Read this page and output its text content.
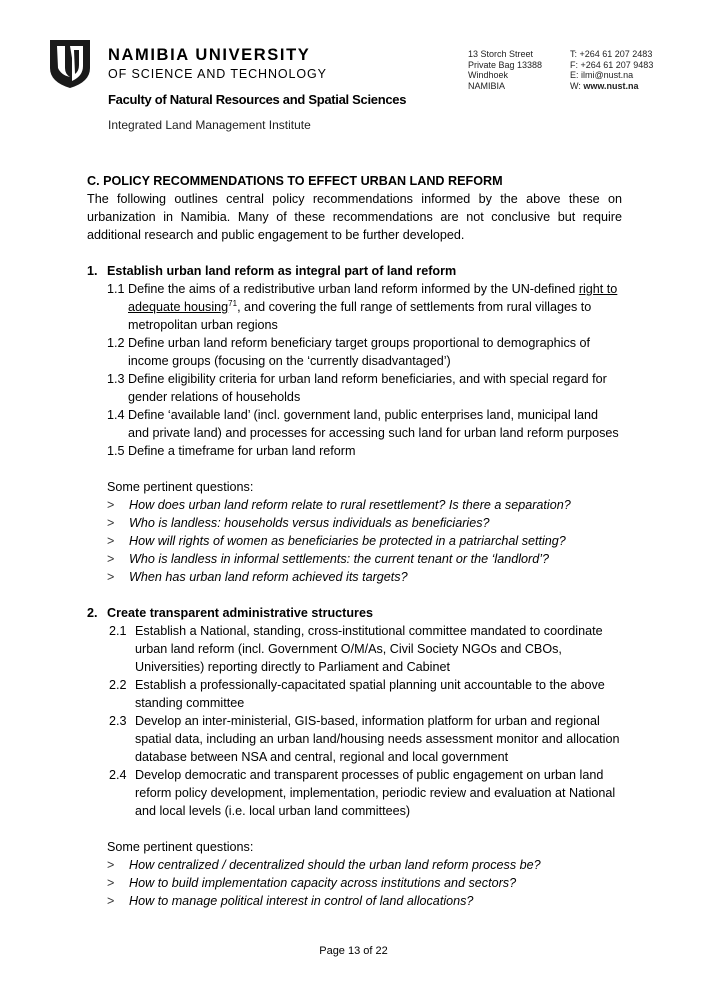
NAMIBIA UNIVERSITY
OF SCIENCE AND TECHNOLOGY
Faculty of Natural Resources and Spatial Sciences
Integrated Land Management Institute
13 Storch Street
Private Bag 13388
Windhoek
NAMIBIA
T: +264 61 207 2483
F: +264 61 207 9483
E: ilmi@nust.na
W: www.nust.na

C. POLICY RECOMMENDATIONS TO EFFECT URBAN LAND REFORM

The following outlines central policy recommendations informed by the above these on urbanization in Namibia. Many of these recommendations are not conclusive but require additional research and public engagement to be further developed.

1. Establish urban land reform as integral part of land reform
1.1 Define the aims of a redistributive urban land reform informed by the UN-defined right to adequate housing$^{71}$, and covering the full range of settlements from rural villages to metropolitan urban regions
1.2 Define urban land reform beneficiary target groups proportional to demographics of income groups (focusing on the ‘currently disadvantaged’)
1.3 Define eligibility criteria for urban land reform beneficiaries, and with special regard for gender relations of households
1.4 Define ‘available land’ (incl. government land, public enterprises land, municipal land and private land) and processes for accessing such land for urban land reform purposes
1.5 Define a timeframe for urban land reform

Some pertinent questions:

>	How does urban land reform relate to rural resettlement? Is there a separation?
>	Who is landless: households versus individuals as beneficiaries?
>	How will rights of women as beneficiaries be protected in a patriarchal setting?
>	Who is landless in informal settlements: the current tenant or the ‘landlord’?
>	When has urban land reform achieved its targets?
2. Create transparent administrative structures
2.1 Establish a National, standing, cross-institutional committee mandated to coordinate urban land reform (incl. Government O/M/As, Civil Society NGOs and CBOs, Universities) reporting directly to Parliament and Cabinet
2.2 Establish a professionally-capacitated spatial planning unit accountable to the above standing committee
2.3 Develop an inter-ministerial, GIS-based, information platform for urban and regional spatial data, including an urban land/housing needs assessment monitor and allocation database between NSA and central, regional and local government
2.4 Develop democratic and transparent processes of public engagement on urban land reform policy development, implementation, periodic review and evaluation at National and local levels (i.e. local urban land committees)

Some pertinent questions:

>	How centralized / decentralized should the urban land reform process be?
>	How to build implementation capacity across institutions and sectors?
>	How to manage political interest in control of land allocations?
Page 13 of 22
